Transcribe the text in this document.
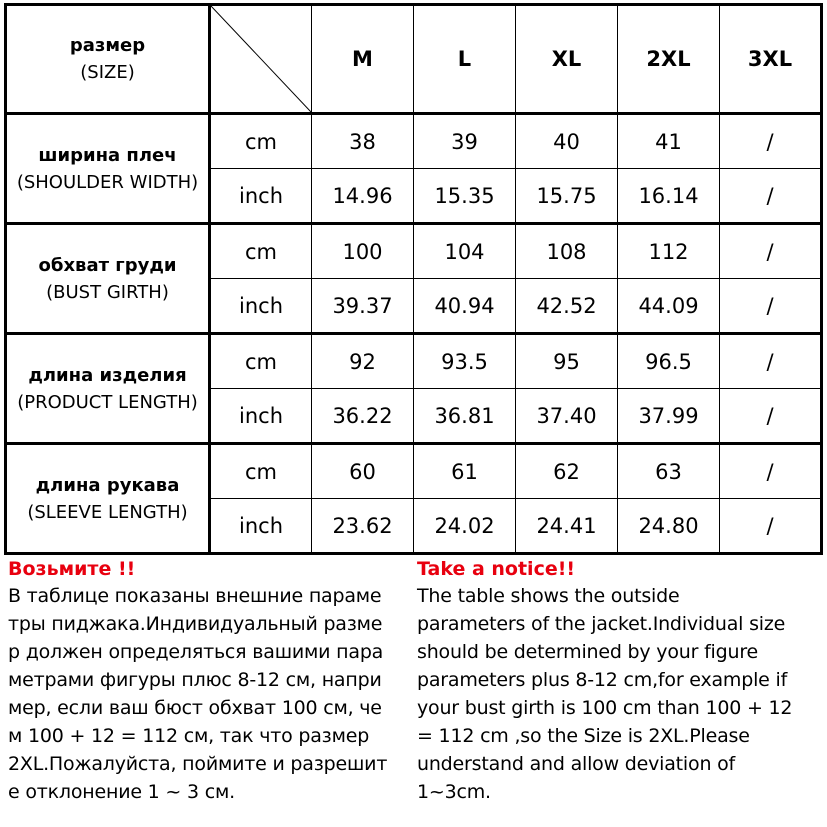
размер
(SIZE)		M	L	XL	2XL	3XL

ширина плеч
(SHOULDER WIDTH)	cm	38	39	40	41	/
	inch	14.96	15.35	15.75	16.14	/

обхват груди
(BUST GIRTH)	cm	100	104	108	112	/
	inch	39.37	40.94	42.52	44.09	/

длина изделия
(PRODUCT LENGTH)	cm	92	93.5	95	96.5	/
	inch	36.22	36.81	37.40	37.99	/

длина рукава
(SLEEVE LENGTH)	cm	60	61	62	63	/
	inch	23.62	24.02	24.41	24.80	/
Возьмите !!
В таблице показаны внешние параме
тры пиджака.Индивидуальный разме
р должен определяться вашими пара
метрами фигуры плюс 8-12 см, напри
мер, если ваш бюст обхват 100 см, че
м 100 + 12 = 112 см, так что размер
2XL.Пожалуйста, поймите и разрешит
е отклонение 1 ~ 3 см.
Take a notice!!
The table shows the outside
parameters of the jacket.Individual size
should be determined by your figure
parameters plus 8-12 cm,for example if
your bust girth is 100 cm than 100 + 12
= 112 cm ,so the Size is 2XL.Please
understand and allow deviation of
1~3cm.
